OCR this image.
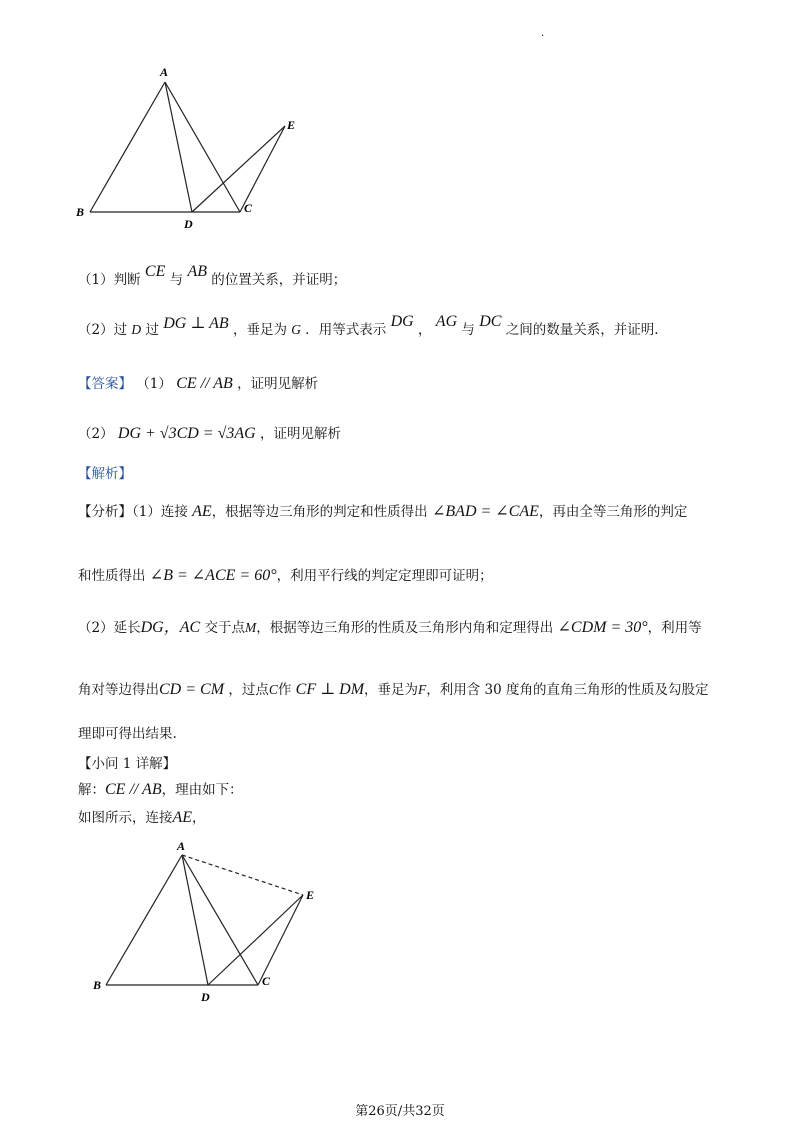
.
A
B	C
D
E
（1）判断 CE 与 AB 的位置关系，并证明；
（2）过 D 过 DG ⊥ AB ，垂足为 G ．用等式表示 DG ， AG 与 DC 之间的数量关系，并证明.
【答案】 （1） CE // AB ，证明见解析
（2） DG + √3CD = √3AG ，证明见解析
【解析】
【分析】（1）连接 AE，根据等边三角形的判定和性质得出 ∠BAD = ∠CAE，再由全等三角形的判定
和性质得出 ∠B = ∠ACE = 60°，利用平行线的判定定理即可证明；
（2）延长DG，AC 交于点M，根据等边三角形的性质及三角形内角和定理得出 ∠CDM = 30°，利用等
角对等边得出CD = CM ，过点C作 CF ⊥ DM，垂足为F，利用含 30 度角的直角三角形的性质及勾股定
理即可得出结果.
【小问 1 详解】
解：CE // AB，理由如下：
如图所示，连接AE，
A
B	C
D
E
第26页/共32页
